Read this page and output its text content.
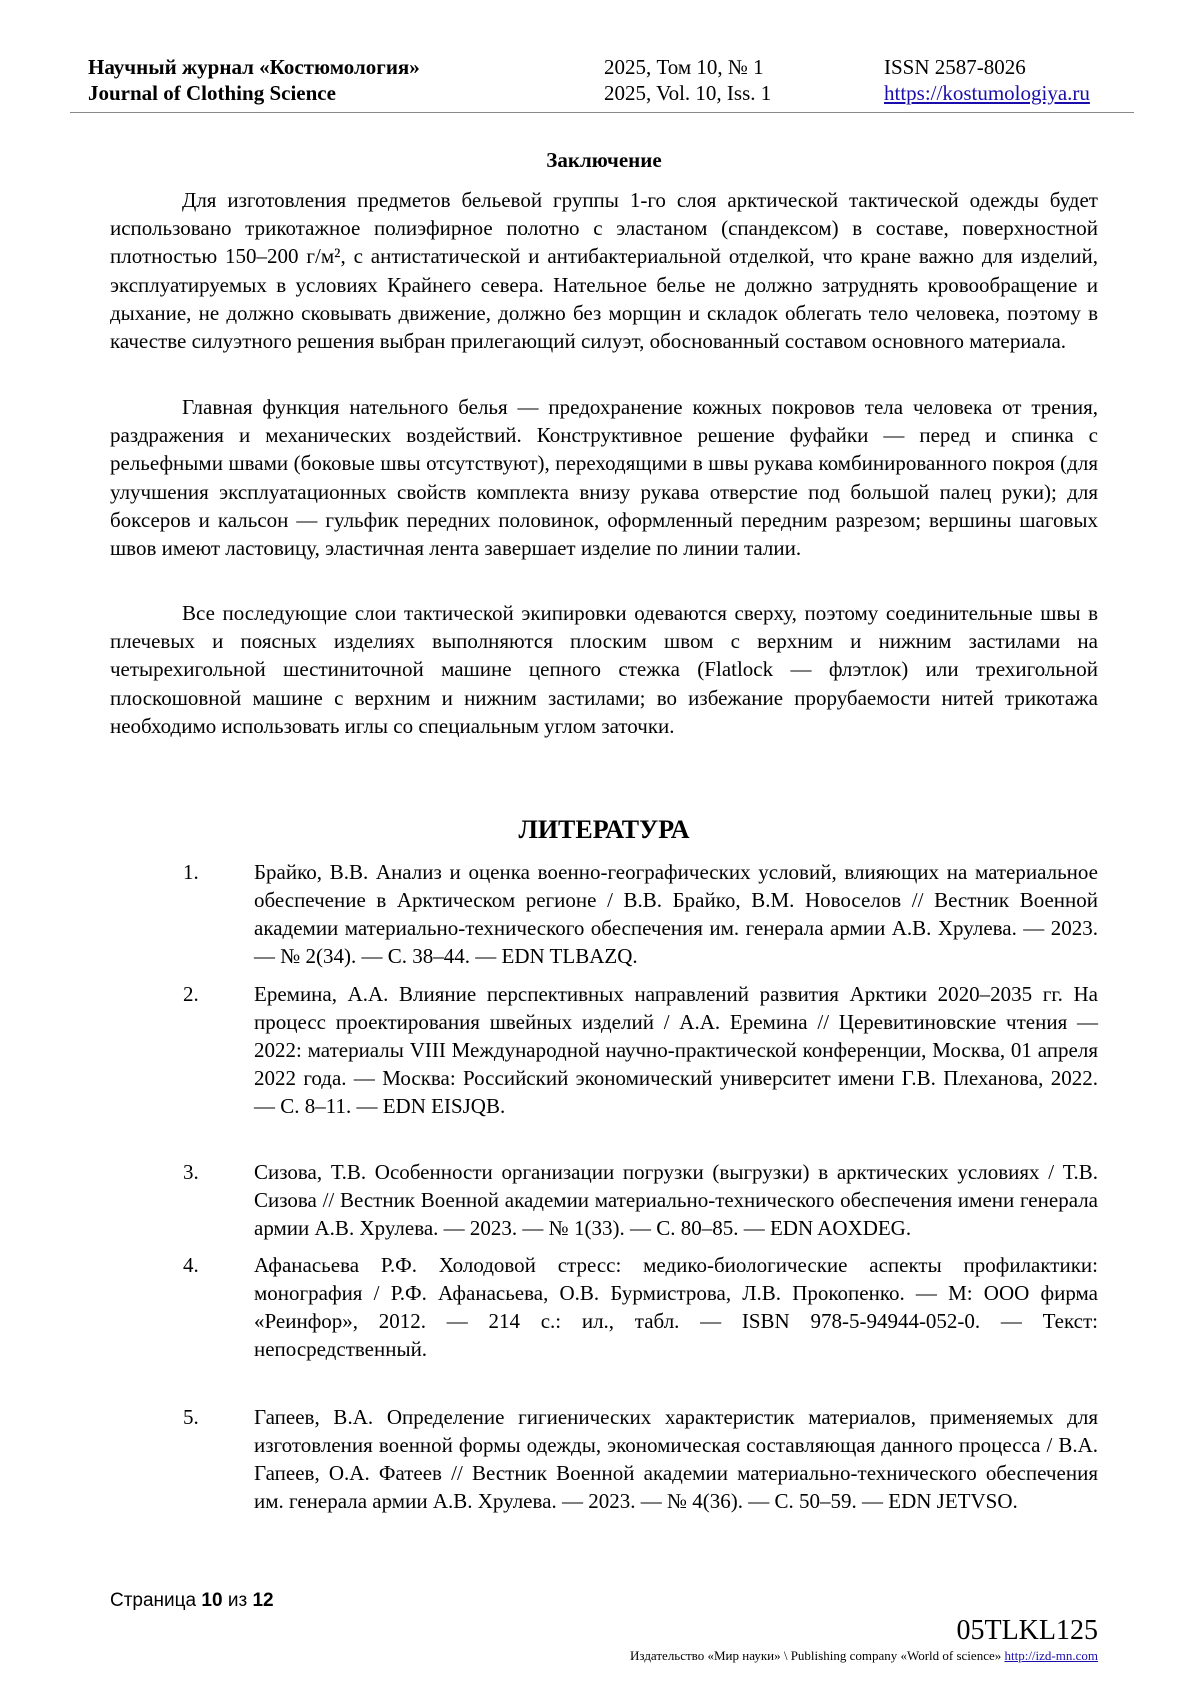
Научный журнал «Костюмология»
Journal of Clothing Science
2025, Том 10, № 1
2025, Vol. 10, Iss. 1
ISSN 2587-8026
https://kostumologiya.ru
Заключение

Для изготовления предметов бельевой группы 1-го слоя арктической тактической одежды будет использовано трикотажное полиэфирное полотно с эластаном (спандексом) в составе, поверхностной плотностью 150–200 г/м², с антистатической и антибактериальной отделкой, что кране важно для изделий, эксплуатируемых в условиях Крайнего севера. Нательное белье не должно затруднять кровообращение и дыхание, не должно сковывать движение, должно без морщин и складок облегать тело человека, поэтому в качестве силуэтного решения выбран прилегающий силуэт, обоснованный составом основного материала.

Главная функция нательного белья — предохранение кожных покровов тела человека от трения, раздражения и механических воздействий. Конструктивное решение фуфайки — перед и спинка с рельефными швами (боковые швы отсутствуют), переходящими в швы рукава комбинированного покроя (для улучшения эксплуатационных свойств комплекта внизу рукава отверстие под большой палец руки); для боксеров и кальсон — гульфик передних половинок, оформленный передним разрезом; вершины шаговых швов имеют ластовицу, эластичная лента завершает изделие по линии талии.

Все последующие слои тактической экипировки одеваются сверху, поэтому соединительные швы в плечевых и поясных изделиях выполняются плоским швом с верхним и нижним застилами на четырехигольной шестиниточной машине цепного стежка (Flatlock — флэтлок) или трехигольной плоскошовной машине с верхним и нижним застилами; во избежание прорубаемости нитей трикотажа необходимо использовать иглы со специальным углом заточки.

ЛИТЕРАТУРА
1.	Брайко, В.В. Анализ и оценка военно-географических условий, влияющих на материальное обеспечение в Арктическом регионе / В.В. Брайко, В.М. Новоселов // Вестник Военной академии материально-технического обеспечения им. генерала армии А.В. Хрулева. — 2023. — № 2(34). — С. 38–44. — EDN TLBAZQ.
2.	Еремина, А.А. Влияние перспективных направлений развития Арктики 2020–2035 гг. На процесс проектирования швейных изделий / А.А. Еремина // Церевитиновские чтения — 2022: материалы VIII Международной научно-практической конференции, Москва, 01 апреля 2022 года. — Москва: Российский экономический университет имени Г.В. Плеханова, 2022. — С. 8–11. — EDN EISJQB.
3.	Сизова, Т.В. Особенности организации погрузки (выгрузки) в арктических условиях / Т.В. Сизова // Вестник Военной академии материально-технического обеспечения имени генерала армии А.В. Хрулева. — 2023. — № 1(33). — С. 80–85. — EDN AOXDEG.
4.	Афанасьева Р.Ф. Холодовой стресс: медико-биологические аспекты профилактики: монография / Р.Ф. Афанасьева, О.В. Бурмистрова, Л.В. Прокопенко. — М: ООО фирма «Реинфор», 2012. — 214 с.: ил., табл. — ISBN 978-5-94944-052-0. — Текст: непосредственный.
5.	Гапеев, В.А. Определение гигиенических характеристик материалов, применяемых для изготовления военной формы одежды, экономическая составляющая данного процесса / В.А. Гапеев, О.А. Фатеев // Вестник Военной академии материально-технического обеспечения им. генерала армии А.В. Хрулева. — 2023. — № 4(36). — С. 50–59. — EDN JETVSO.
Страница 10 из 12
05TLKL125
Издательство «Мир науки» \ Publishing company «World of science» http://izd-mn.com
